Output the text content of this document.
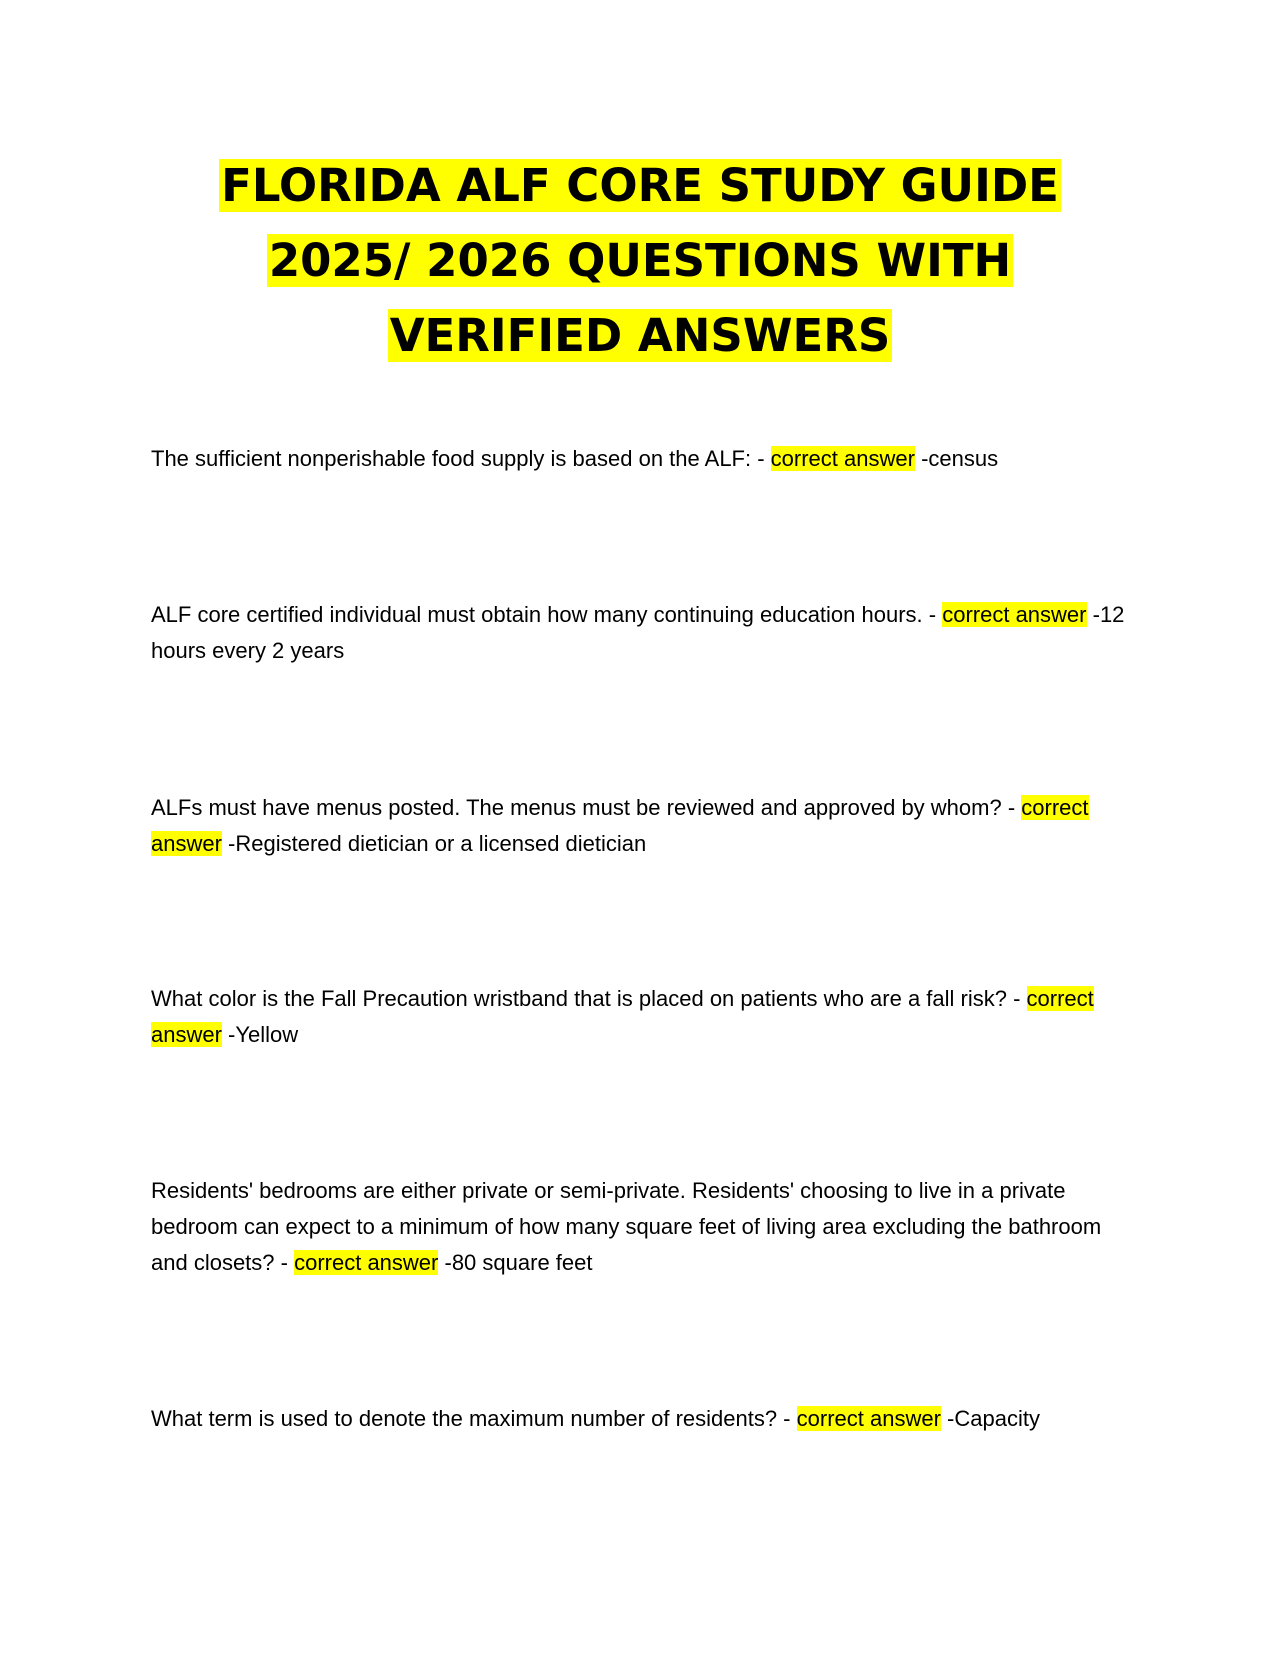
FLORIDA ALF CORE STUDY GUIDE
2025/ 2026 QUESTIONS WITH
VERIFIED ANSWERS
The sufficient nonperishable food supply is based on the ALF: - correct answer -census
ALF core certified individual must obtain how many continuing education hours. - correct answer -12 hours every 2 years
ALFs must have menus posted. The menus must be reviewed and approved by whom? - correct answer -Registered dietician or a licensed dietician
What color is the Fall Precaution wristband that is placed on patients who are a fall risk? - correct answer -Yellow
Residents' bedrooms are either private or semi-private. Residents' choosing to live in a private bedroom can expect to a minimum of how many square feet of living area excluding the bathroom and closets? - correct answer -80 square feet
What term is used to denote the maximum number of residents? - correct answer -Capacity
